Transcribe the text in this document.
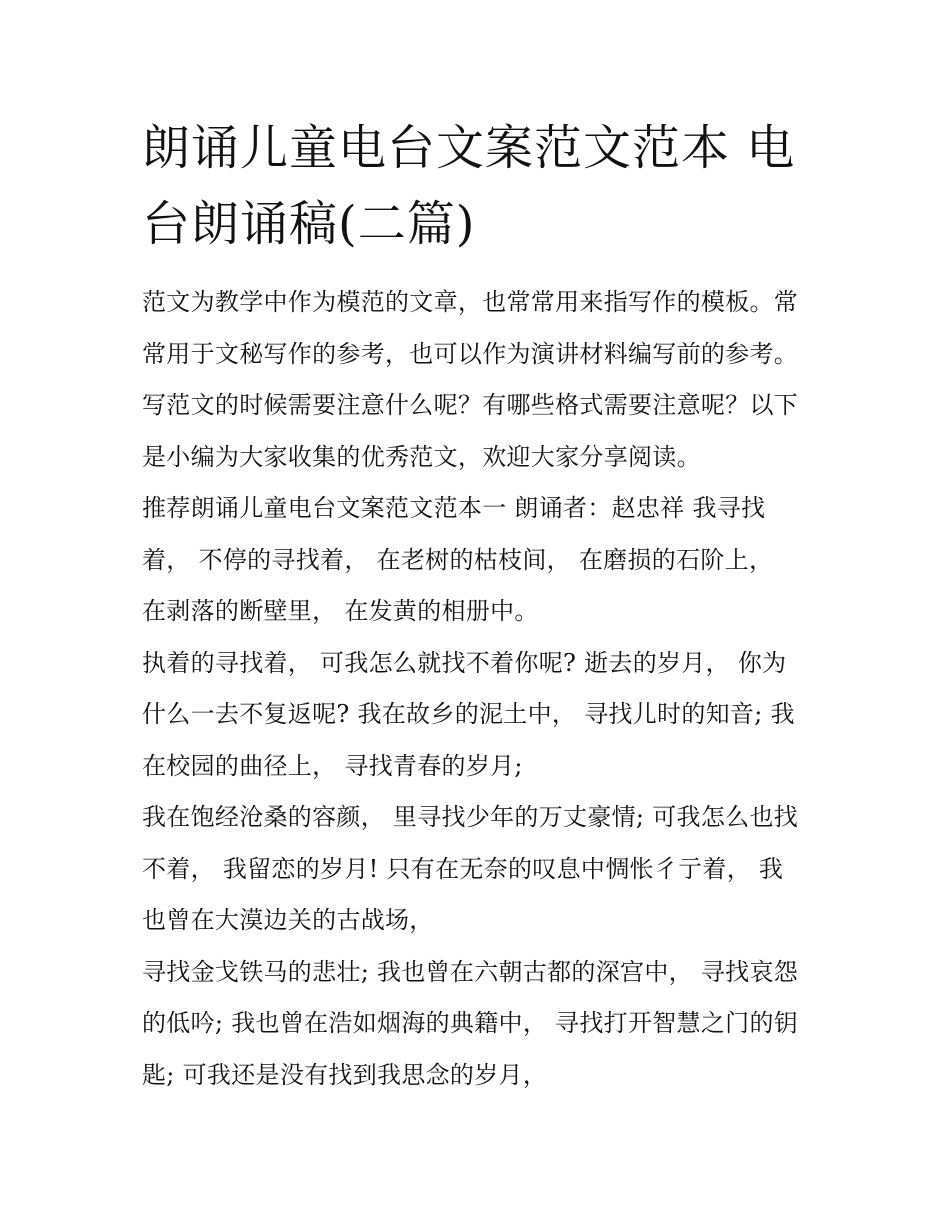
朗诵儿童电台文案范文范本 电
台朗诵稿(二篇)
范文为教学中作为模范的文章，也常常用来指写作的模板。常
常用于文秘写作的参考，也可以作为演讲材料编写前的参考。
写范文的时候需要注意什么呢？有哪些格式需要注意呢？以下
是小编为大家收集的优秀范文，欢迎大家分享阅读。
推荐朗诵儿童电台文案范文范本一 朗诵者：赵忠祥 我寻找
着， 不停的寻找着， 在老树的枯枝间， 在磨损的石阶上，
在剥落的断壁里， 在发黄的相册中。
执着的寻找着， 可我怎么就找不着你呢? 逝去的岁月， 你为
什么一去不复返呢? 我在故乡的泥土中， 寻找儿时的知音; 我
在校园的曲径上， 寻找青春的岁月;
我在饱经沧桑的容颜， 里寻找少年的万丈豪情; 可我怎么也找
不着， 我留恋的岁月! 只有在无奈的叹息中惆怅彳亍着， 我
也曾在大漠边关的古战场，
寻找金戈铁马的悲壮; 我也曾在六朝古都的深宫中， 寻找哀怨
的低吟; 我也曾在浩如烟海的典籍中， 寻找打开智慧之门的钥
匙; 可我还是没有找到我思念的岁月，
